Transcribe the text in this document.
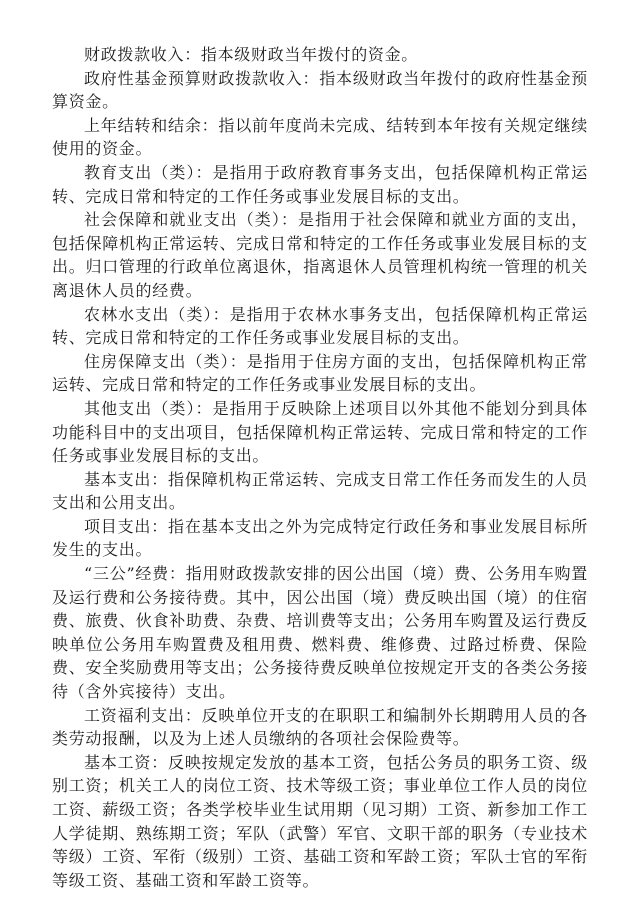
财政拨款收入：指本级财政当年拨付的资金。

政府性基金预算财政拨款收入：指本级财政当年拨付的政府性基金预算资金。

上年结转和结余：指以前年度尚未完成、结转到本年按有关规定继续使用的资金。

教育支出（类）：是指用于政府教育事务支出，包括保障机构正常运转、完成日常和特定的工作任务或事业发展目标的支出。

社会保障和就业支出（类）：是指用于社会保障和就业方面的支出，包括保障机构正常运转、完成日常和特定的工作任务或事业发展目标的支出。归口管理的行政单位离退休，指离退休人员管理机构统一管理的机关离退休人员的经费。

农林水支出（类）：是指用于农林水事务支出，包括保障机构正常运转、完成日常和特定的工作任务或事业发展目标的支出。

住房保障支出（类）：是指用于住房方面的支出，包括保障机构正常运转、完成日常和特定的工作任务或事业发展目标的支出。

其他支出（类）：是指用于反映除上述项目以外其他不能划分到具体功能科目中的支出项目，包括保障机构正常运转、完成日常和特定的工作任务或事业发展目标的支出。

基本支出：指保障机构正常运转、完成支日常工作任务而发生的人员支出和公用支出。

项目支出：指在基本支出之外为完成特定行政任务和事业发展目标所发生的支出。

“三公”经费：指用财政拨款安排的因公出国（境）费、公务用车购置及运行费和公务接待费。其中，因公出国（境）费反映出国（境）的住宿费、旅费、伙食补助费、杂费、培训费等支出；公务用车购置及运行费反映单位公务用车购置费及租用费、燃料费、维修费、过路过桥费、保险费、安全奖励费用等支出；公务接待费反映单位按规定开支的各类公务接待（含外宾接待）支出。

工资福利支出：反映单位开支的在职职工和编制外长期聘用人员的各类劳动报酬，以及为上述人员缴纳的各项社会保险费等。

基本工资：反映按规定发放的基本工资，包括公务员的职务工资、级别工资；机关工人的岗位工资、技术等级工资；事业单位工作人员的岗位工资、薪级工资；各类学校毕业生试用期（见习期）工资、新参加工作工人学徒期、熟练期工资；军队（武警）军官、文职干部的职务（专业技术等级）工资、军衔（级别）工资、基础工资和军龄工资；军队士官的军衔等级工资、基础工资和军龄工资等。
